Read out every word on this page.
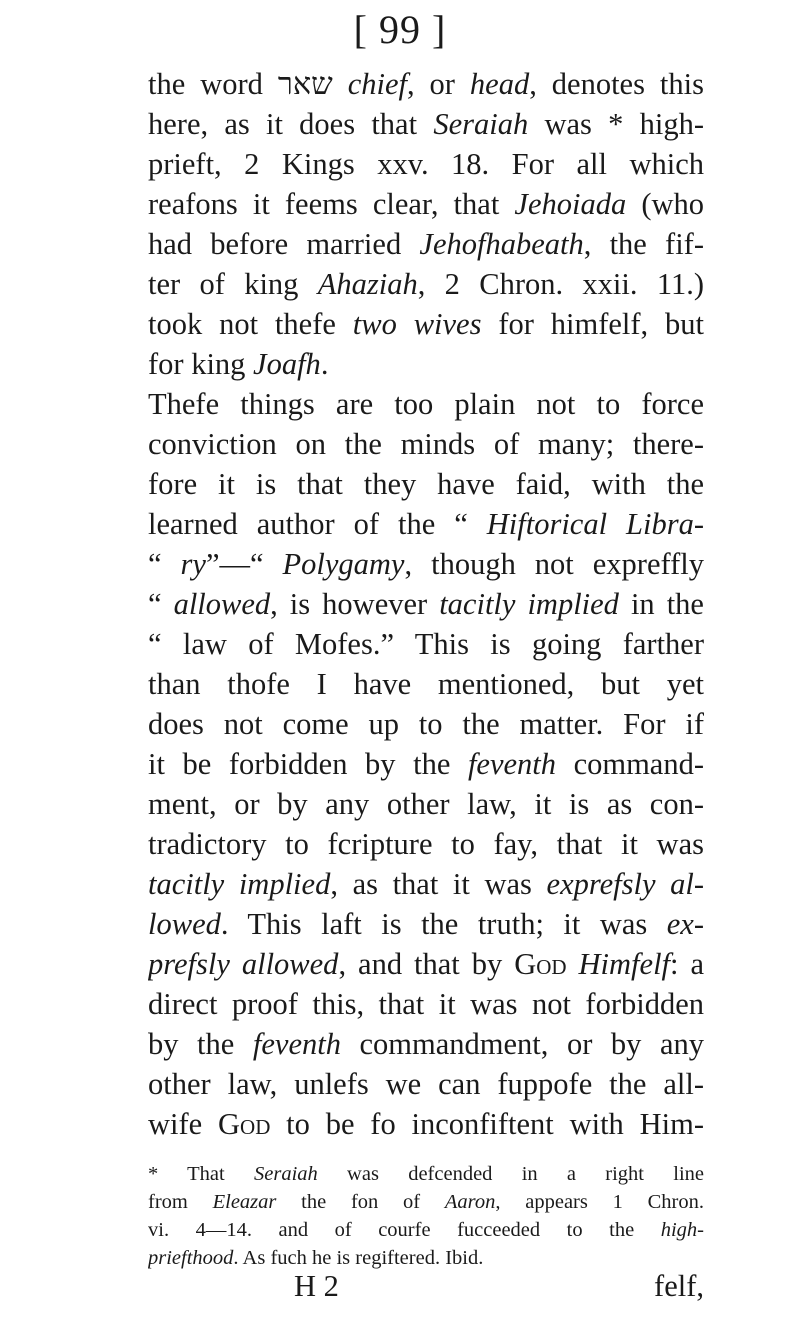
[ 99 ]
the word שאר chief, or head, denotes this
here, as it does that Seraiah was * high-
prieft, 2 Kings xxv. 18. For all which
reafons it feems clear, that Jehoiada (who
had before married Jehofhabeath, the fif-
ter of king Ahaziah, 2 Chron. xxii. 11.)
took not thefe two wives for himfelf, but
for king Joafh.
Thefe things are too plain not to force
conviction on the minds of many; there-
fore it is that they have faid, with the
learned author of the “ Hiftorical Libra-
“ ry”—“ Polygamy, though not expreffly
“ allowed, is however tacitly implied in the
“ law of Mofes.” This is going farther
than thofe I have mentioned, but yet
does not come up to the matter. For if
it be forbidden by the feventh command-
ment, or by any other law, it is as con-
tradictory to fcripture to fay, that it was
tacitly implied, as that it was exprefsly al-
lowed. This laft is the truth; it was ex-
prefsly allowed, and that by God Himfelf: a
direct proof this, that it was not forbidden
by the feventh commandment, or by any
other law, unlefs we can fuppofe the all-
wife God to be fo inconfiftent with Him-
* That Seraiah was defcended in a right line
from Eleazar the fon of Aaron, appears 1 Chron.
vi. 4—14. and of courfe fucceeded to the high-
priefthood. As fuch he is regiftered. Ibid.
H 2	felf,
